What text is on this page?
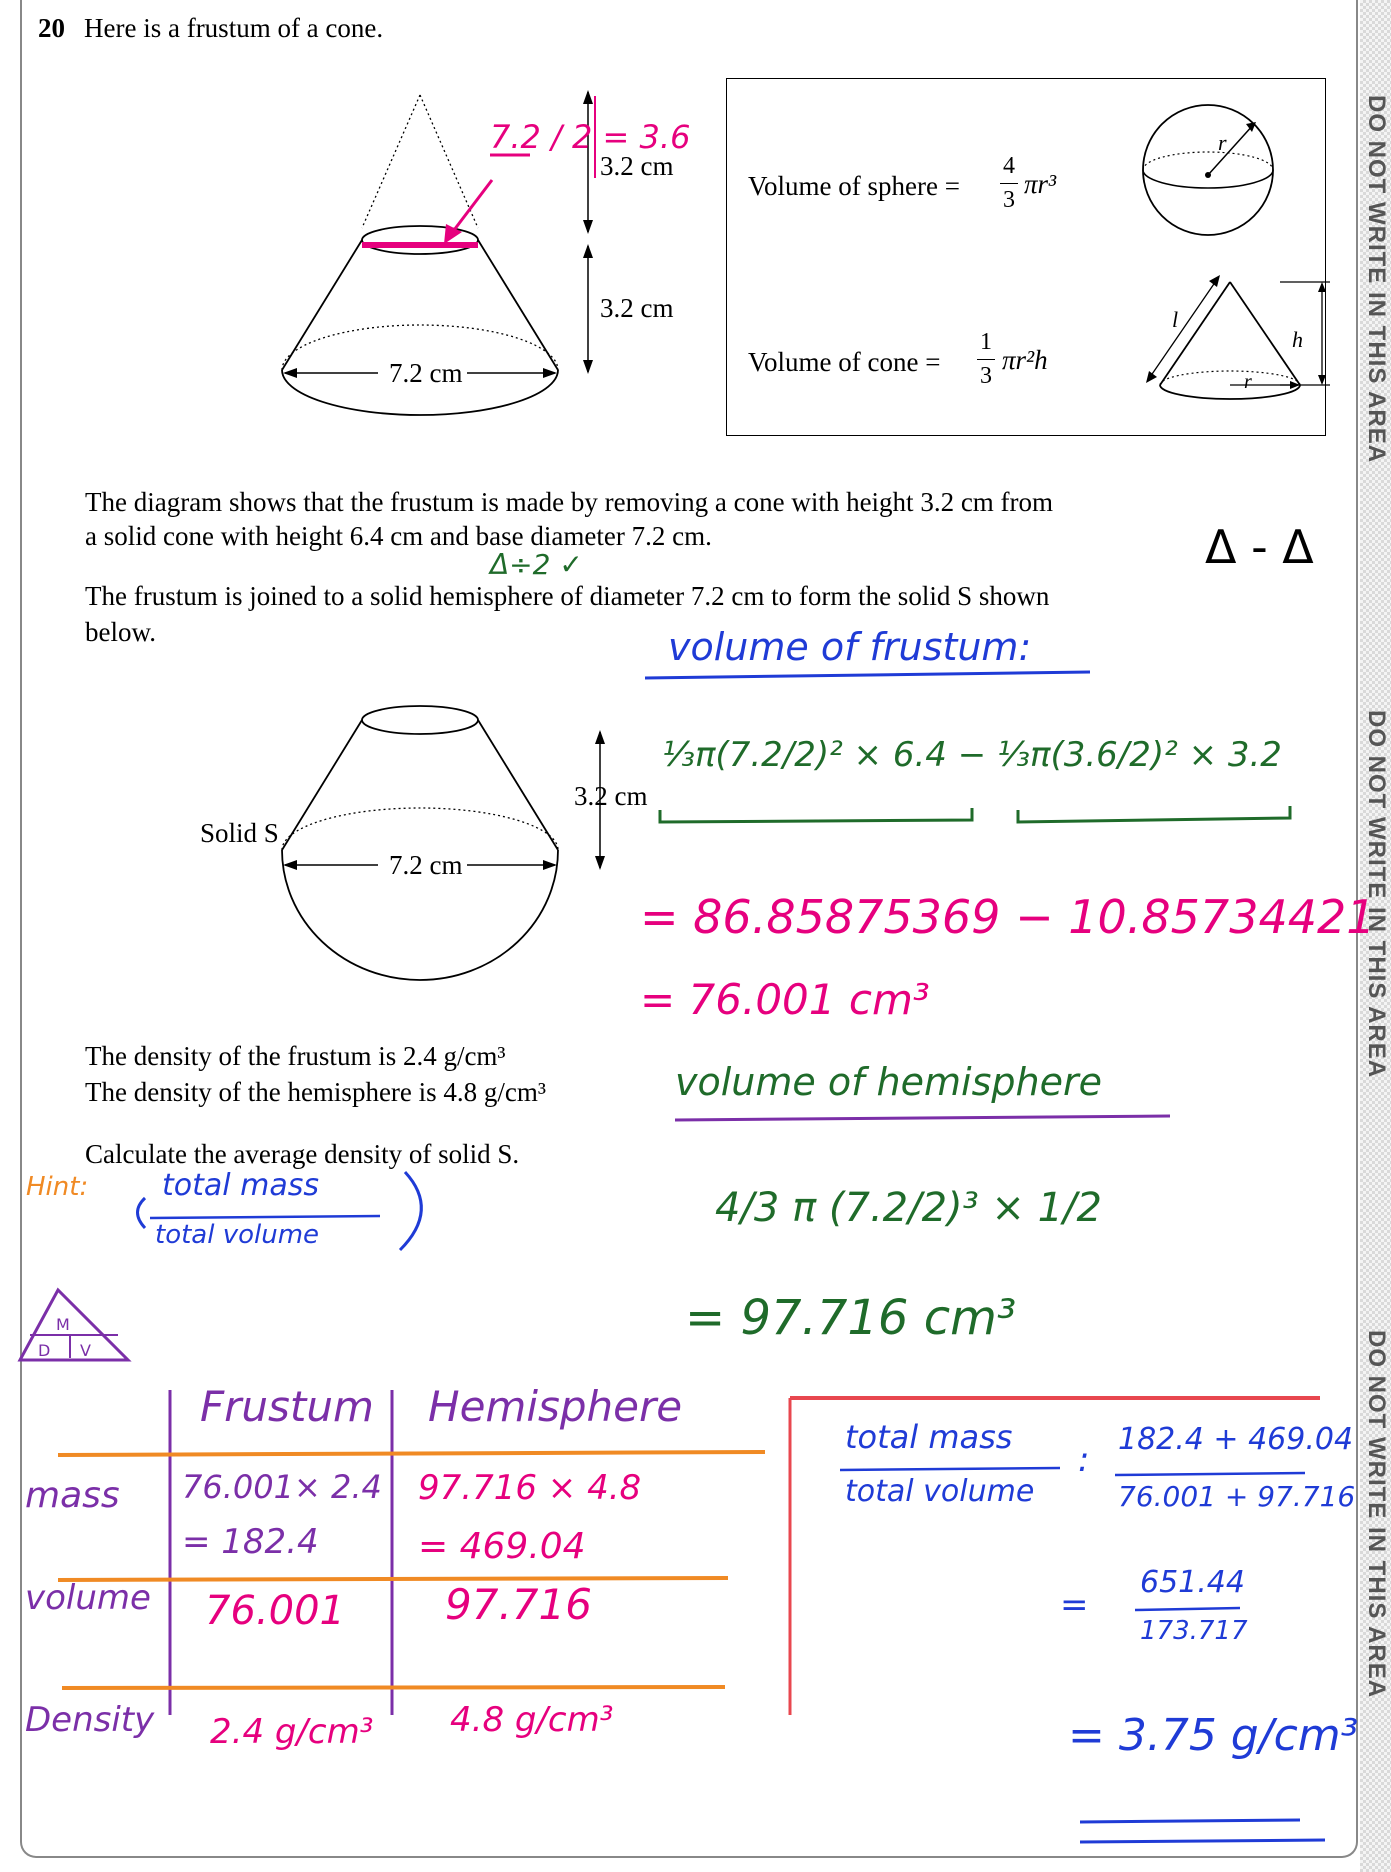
DO NOT WRITE IN THIS AREA
DO NOT WRITE IN THIS AREA
DO NOT WRITE IN THIS AREA
20 Here is a frustum of a cone.
M
D V
7.2 cm
3.2 cm
3.2 cm
Volume of sphere =
4
3
πr³
r
Volume of cone =
1
3
πr²h
l
h
r
The diagram shows that the frustum is made by removing a cone with height 3.2 cm from
a solid cone with height 6.4 cm and base diameter 7.2 cm.
The frustum is joined to a solid hemisphere of diameter 7.2 cm to form the solid S shown
below.
Solid S
7.2 cm
3.2 cm
The density of the frustum is 2.4 g/cm³
The density of the hemisphere is 4.8 g/cm³
Calculate the average density of solid S.
7.2 / 2 = 3.6
Δ÷2 ✓	Δ - Δ
volume of frustum:
⅓π(7.2/2)² × 6.4 − ⅓π(3.6/2)² × 3.2
= 86.85875369 − 10.85734421
= 76.001 cm³
volume of hemisphere
4/3 π (7.2/2)³ × 1/2
= 97.716 cm³
Hint: total mass
total volume
Frustum Hemisphere
mass
volume
Density
76.001× 2.4
= 182.4
97.716 × 4.8
= 469.04
76.001 97.716
2.4 g/cm³ 4.8 g/cm³
total mass
total volume
:
182.4 + 469.04
76.001 + 97.716
=
651.44
173.717
= 3.75 g/cm³
